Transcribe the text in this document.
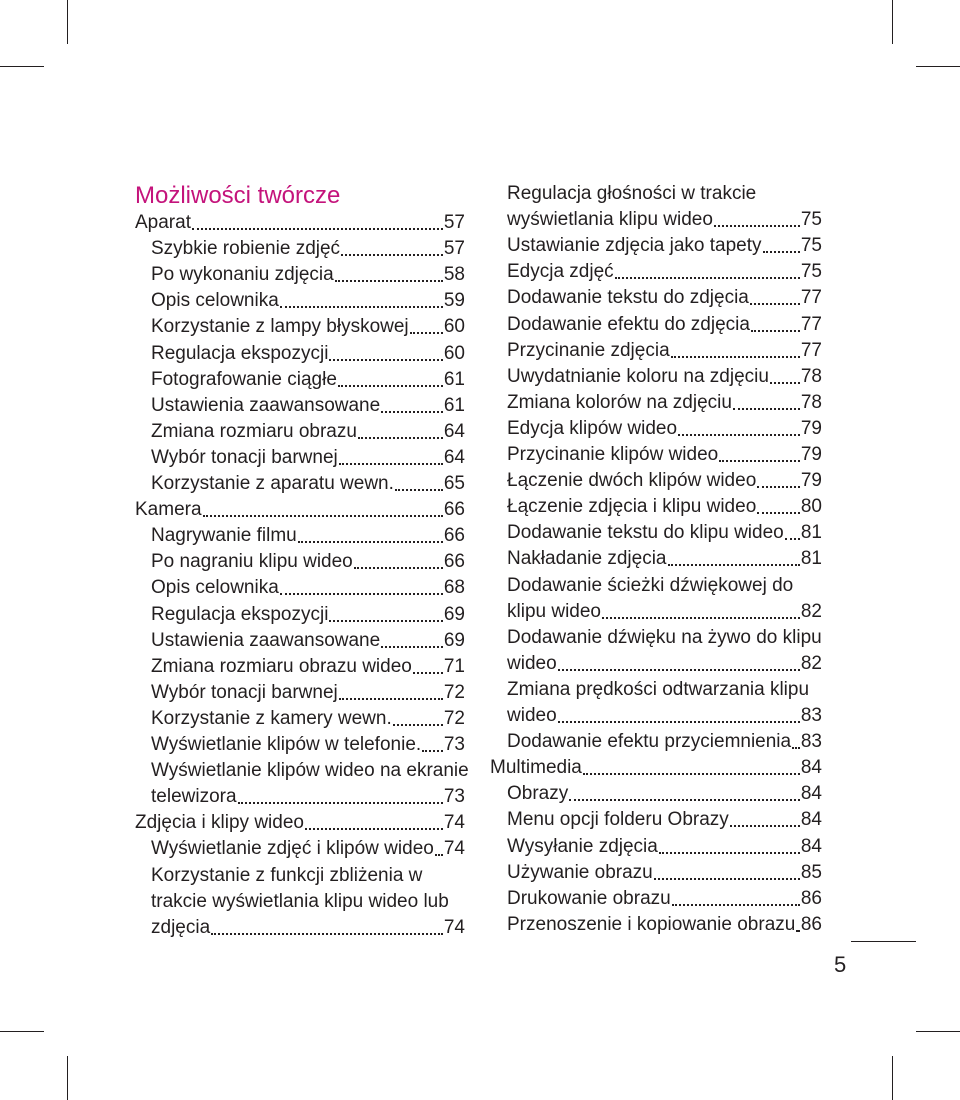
Możliwości twórcze
Aparat	57
Szybkie robienie zdjęć	57
Po wykonaniu zdjęcia	58
Opis celownika	59
Korzystanie z lampy błyskowej 60
Regulacja ekspozycji	60
Fotografowanie ciągłe	61
Ustawienia zaawansowane	61
Zmiana rozmiaru obrazu	64
Wybór tonacji barwnej	64
Korzystanie z aparatu wewn.	65
Kamera	66
Nagrywanie filmu	66
Po nagraniu klipu wideo	66
Opis celownika	68
Regulacja ekspozycji	69
Ustawienia zaawansowane	69
Zmiana rozmiaru obrazu wideo 71
Wybór tonacji barwnej	72
Korzystanie z kamery wewn.	72
Wyświetlanie klipów w telefonie. 73
Wyświetlanie klipów wideo na ekranie
telewizora	73
Zdjęcia i klipy wideo	74
Wyświetlanie zdjęć i klipów wideo 74
Korzystanie z funkcji zbliżenia w
trakcie wyświetlania klipu wideo lub
zdjęcia	74
Regulacja głośności w trakcie
wyświetlania klipu wideo	75
Ustawianie zdjęcia jako tapety 75
Edycja zdjęć	75
Dodawanie tekstu do zdjęcia	77
Dodawanie efektu do zdjęcia	77
Przycinanie zdjęcia	77
Uwydatnianie koloru na zdjęciu 78
Zmiana kolorów na zdjęciu	78
Edycja klipów wideo	79
Przycinanie klipów wideo	79
Łączenie dwóch klipów wideo 79
Łączenie zdjęcia i klipu wideo 80
Dodawanie tekstu do klipu wideo 81
Nakładanie zdjęcia	81
Dodawanie ścieżki dźwiękowej do
klipu wideo	82
Dodawanie dźwięku na żywo do klipu
wideo	82
Zmiana prędkości odtwarzania klipu
wideo	83
Dodawanie efektu przyciemnienia 83
Multimedia	84
Obrazy	84
Menu opcji folderu Obrazy	84
Wysyłanie zdjęcia	84
Używanie obrazu	85
Drukowanie obrazu	86
Przenoszenie i kopiowanie obrazu 86
5
